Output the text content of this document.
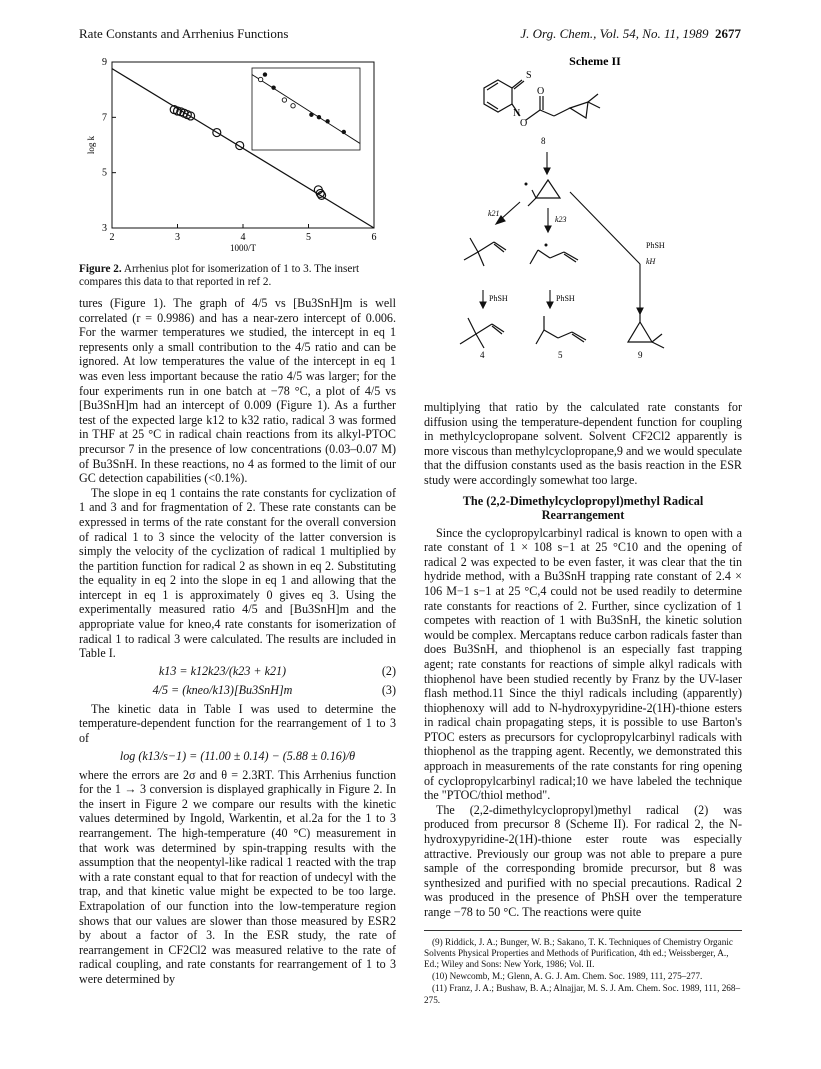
Rate Constants and Arrhenius Functions	J. Org. Chem., Vol. 54, No. 11, 1989 2677
2	3	4	5	6
3
5
7
9
1000/T
log k
Figure 2. Arrhenius plot for isomerization of 1 to 3. The insert compares this data to that reported in ref 2.
Scheme II
S
N
O
O
8
k21
k23
PhSH
kH
PhSH	PhSH
4	5	9

tures (Figure 1). The graph of 4/5 vs [Bu3SnH]m is well correlated (r = 0.9986) and has a near-zero intercept of 0.006. For the warmer temperatures we studied, the intercept in eq 1 represents only a small contribution to the 4/5 ratio and can be ignored. At low temperatures the value of the intercept in eq 1 was even less important because the ratio 4/5 was larger; for the four experiments run in one batch at −78 °C, a plot of 4/5 vs [Bu3SnH]m had an intercept of 0.009 (Figure 1). As a further test of the expected large k12 to k32 ratio, radical 3 was formed in THF at 25 °C in radical chain reactions from its alkyl-PTOC precursor 7 in the presence of low concentrations (0.03–0.07 M) of Bu3SnH. In these reactions, no 4 as formed to the limit of our GC detection capabilities (<0.1%).

The slope in eq 1 contains the rate constants for cyclization of 1 and 3 and for fragmentation of 2. These rate constants can be expressed in terms of the rate constant for the overall conversion of radical 1 to 3 since the velocity of the latter conversion is simply the velocity of the cyclization of radical 1 multiplied by the partition function for radical 2 as shown in eq 2. Substituting the equality in eq 2 into the slope in eq 1 and allowing that the intercept in eq 1 is approximately 0 gives eq 3. Using the experimentally measured ratio 4/5 and [Bu3SnH]m and the appropriate value for kneo,4 rate constants for isomerization of radical 1 to radical 3 were calculated. The results are included in Table I.

k13 = k12k23/(k23 + k21)	(2)
4/5 = (kneo/k13)[Bu3SnH]m	(3)

The kinetic data in Table I was used to determine the temperature-dependent function for the rearrangement of 1 to 3 of

log (k13/s−1) = (11.00 ± 0.14) − (5.88 ± 0.16)/θ

where the errors are 2σ and θ = 2.3RT. This Arrhenius function for the 1 → 3 conversion is displayed graphically in Figure 2. In the insert in Figure 2 we compare our results with the kinetic values determined by Ingold, Warkentin, et al.2a for the 1 to 3 rearrangement. The high-temperature (40 °C) measurement in that work was determined by spin-trapping results with the assumption that the neopentyl-like radical 1 reacted with the trap with a rate constant equal to that for reaction of undecyl with the trap, and that kinetic value might be expected to be too large. Extrapolation of our function into the low-temperature region shows that our values are slower than those measured by ESR2 by about a factor of 3. In the ESR study, the rate of rearrangement in CF2Cl2 was measured relative to the rate of radical coupling, and rate constants for rearrangement of 1 to 3 were determined by

multiplying that ratio by the calculated rate constants for diffusion using the temperature-dependent function for coupling in methylcyclopropane solvent. Solvent CF2Cl2 apparently is more viscous than methylcyclopropane,9 and we would speculate that the diffusion constants used as the basis reaction in the ESR study were accordingly somewhat too large.

The (2,2-Dimethylcyclopropyl)methyl Radical Rearrangement

Since the cyclopropylcarbinyl radical is known to open with a rate constant of 1 × 108 s−1 at 25 °C10 and the opening of radical 2 was expected to be even faster, it was clear that the tin hydride method, with a Bu3SnH trapping rate constant of 2.4 × 106 M−1 s−1 at 25 °C,4 could not be used readily to determine rate constants for reactions of 2. Further, since cyclization of 1 competes with reaction of 1 with Bu3SnH, the kinetic solution would be complex. Mercaptans reduce carbon radicals faster than does Bu3SnH, and thiophenol is an especially fast trapping agent; rate constants for reactions of simple alkyl radicals with thiophenol have been studied recently by Franz by the UV-laser flash method.11 Since the thiyl radicals including (apparently) thiophenoxy will add to N-hydroxypyridine-2(1H)-thione esters in radical chain propagating steps, it is possible to use Barton's PTOC esters as precursors for cyclopropylcarbinyl radicals with thiophenol as the trapping agent. Recently, we demonstrated this approach in measurements of the rate constants for ring opening of cyclopropylcarbinyl radical;10 we have labeled the technique the "PTOC/thiol method".

The (2,2-dimethylcyclopropyl)methyl radical (2) was produced from precursor 8 (Scheme II). For radical 2, the N-hydroxypyridine-2(1H)-thione ester route was especially attractive. Previously our group was not able to prepare a pure sample of the corresponding bromide precursor, but 8 was synthesized and purified with no special precautions. Radical 2 was produced in the presence of PhSH over the temperature range −78 to 50 °C. The reactions were quite

(9) Riddick, J. A.; Bunger, W. B.; Sakano, T. K. Techniques of Chemistry Organic Solvents Physical Properties and Methods of Purification, 4th ed.; Weissberger, A., Ed.; Wiley and Sons: New York, 1986; Vol. II.

(10) Newcomb, M.; Glenn, A. G. J. Am. Chem. Soc. 1989, 111, 275–277.

(11) Franz, J. A.; Bushaw, B. A.; Alnajjar, M. S. J. Am. Chem. Soc. 1989, 111, 268–275.
